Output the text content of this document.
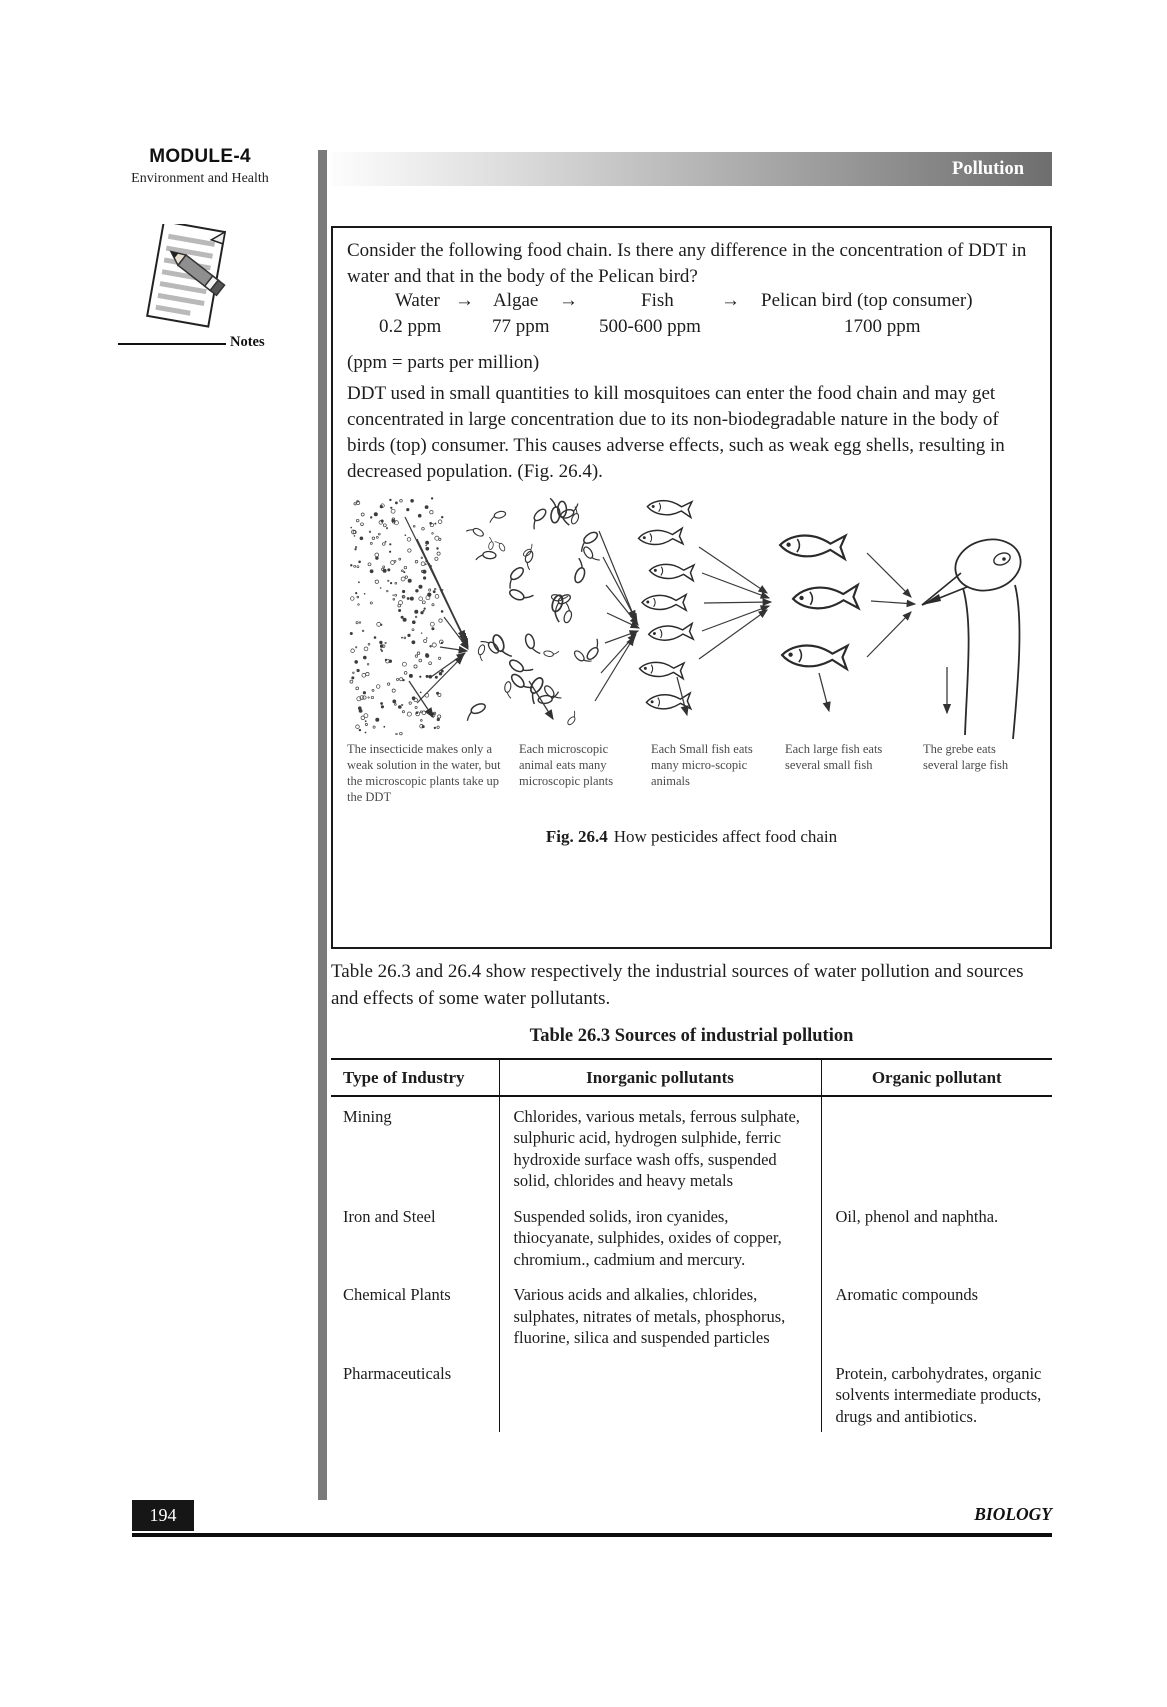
MODULE-4
Environment and Health
Notes
Pollution

Consider the following food chain. Is there any difference in the concentration of DDT in water and that in the body of the Pelican bird?

Water → Algae →	Fish → Pelican bird (top consumer)
0.2 ppm	77 ppm	500-600 ppm	1700 ppm

(ppm = parts per million)

DDT used in small quantities to kill mosquitoes can enter the food chain and may get concentrated in large concentration due to its non-biodegradable nature in the body of birds (top) consumer. This causes adverse effects, such as weak egg shells, resulting in decreased population. (Fig. 26.4).

The insecticide makes only a weak solution in the water, but the microscopic plants take up the DDT
Each microscopic animal eats many microscopic plants
Each Small fish eats many micro-scopic animals
Each large fish eats several small fish
The grebe eats several large fish

Fig. 26.4 How pesticides affect food chain

Table 26.3 and 26.4 show respectively the industrial sources of water pollution and sources and effects of some water pollutants.

Table 26.3 Sources of industrial pollution
Type of Industry	Inorganic pollutants	Organic pollutant
Mining	Chlorides, various metals, ferrous sulphate, sulphuric acid, hydrogen sulphide, ferric hydroxide surface wash offs, suspended solid, chlorides and heavy metals	
Iron and Steel	Suspended solids, iron cyanides, thiocyanate, sulphides, oxides of copper, chromium., cadmium and mercury.	Oil, phenol and naphtha.
Chemical Plants	Various acids and alkalies, chlorides, sulphates, nitrates of metals, phosphorus, fluorine, silica and suspended particles	Aromatic compounds
Pharmaceuticals		Protein, carbohydrates, organic solvents intermediate products, drugs and antibiotics.
194	BIOLOGY
